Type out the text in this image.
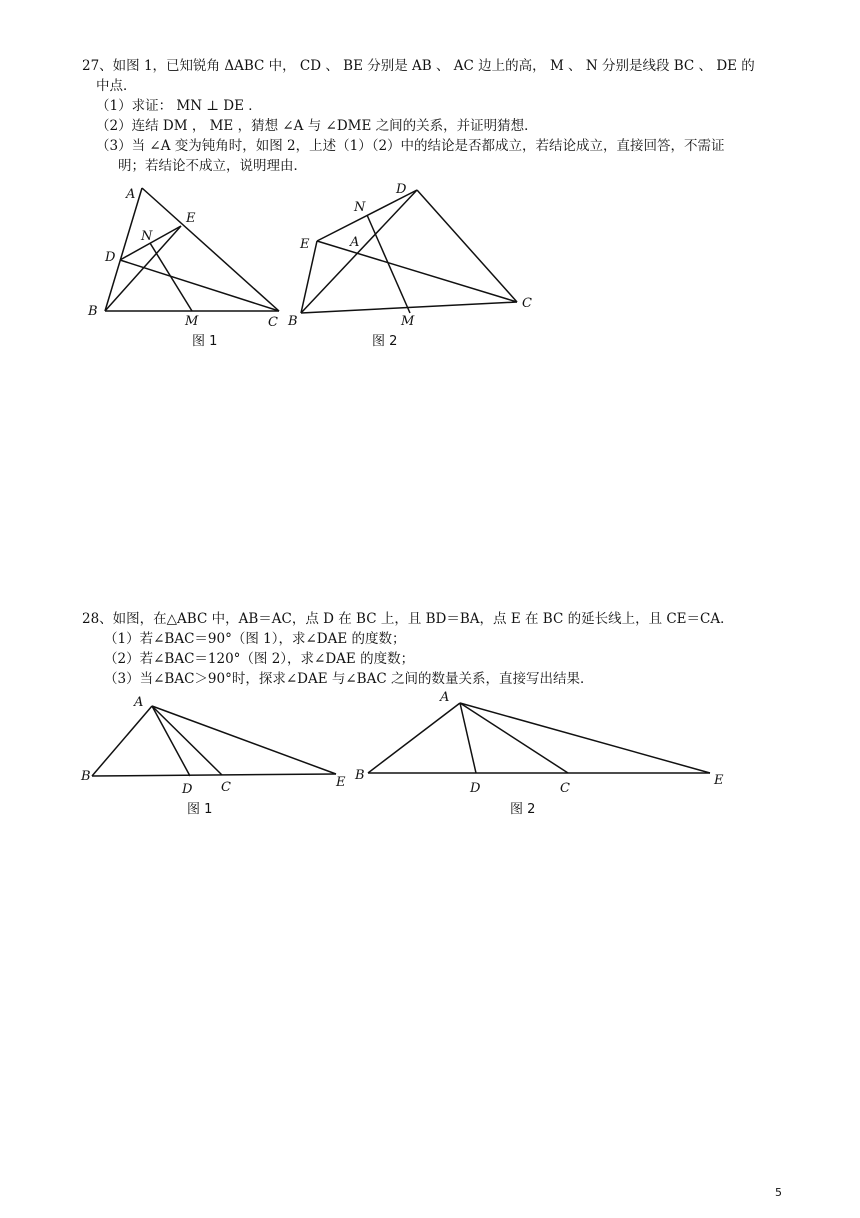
27、如图 1，已知锐角 ΔABC 中， CD 、 BE 分别是 AB 、 AC 边上的高， M 、 N 分别是线段 BC 、 DE 的
中点．
（1）求证： MN ⊥ DE ．
（2）连结 DM ， ME ，猜想 ∠A 与 ∠DME 之间的关系，并证明猜想．
（3）当 ∠A 变为钝角时，如图 2，上述（1）（2）中的结论是否都成立，若结论成立，直接回答，不需证
明；若结论不成立，说明理由．
A
E
N
D
B
M	C
图 1
D
N
E	A
C
B	M
图 2
28、如图，在△ABC 中，AB＝AC，点 D 在 BC 上，且 BD＝BA，点 E 在 BC 的延长线上，且 CE＝CA．
（1）若∠BAC＝90°（图 1），求∠DAE 的度数；
（2）若∠BAC＝120°（图 2），求∠DAE 的度数；
（3）当∠BAC＞90°时，探求∠DAE 与∠BAC 之间的数量关系，直接写出结果．
A
B
D C	E
图 1
A
B
D	C
E
图 2
5
